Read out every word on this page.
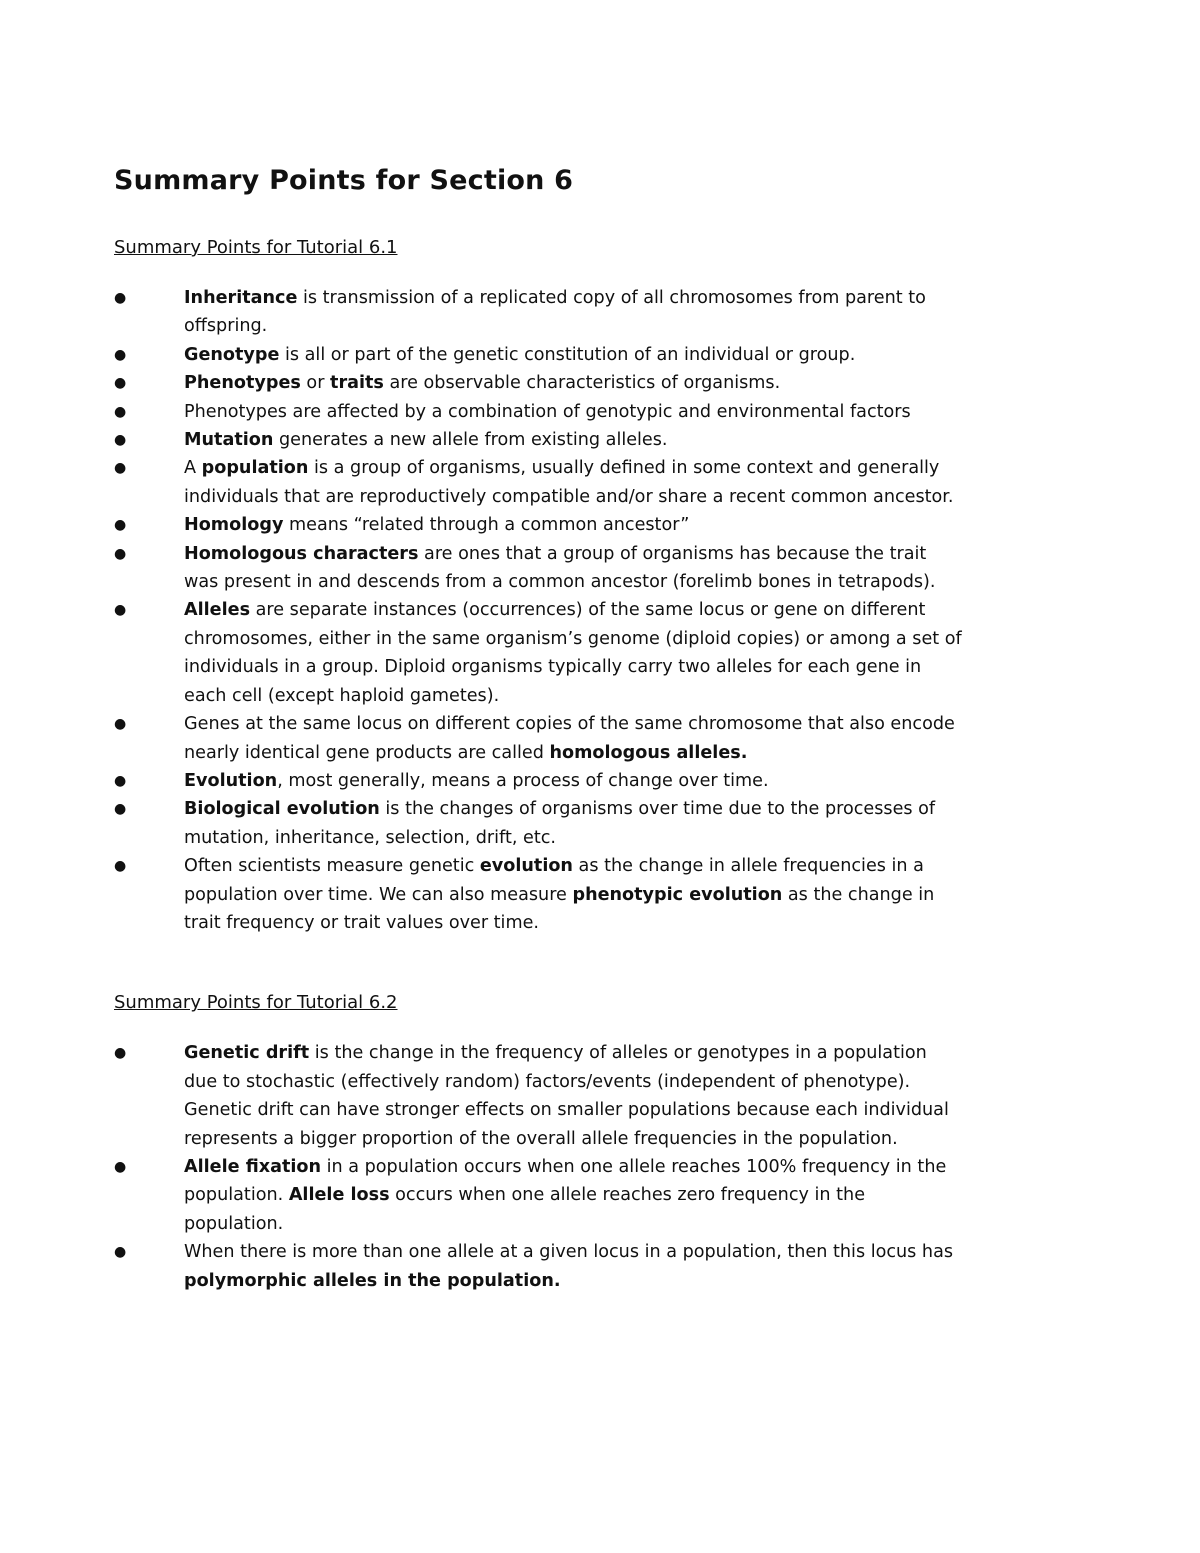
Summary Points for Section 6
Summary Points for Tutorial 6.1
●	Inheritance is transmission of a replicated copy of all chromosomes from parent to offspring.
●	Genotype is all or part of the genetic constitution of an individual or group.
●	Phenotypes or traits are observable characteristics of organisms.
●	Phenotypes are affected by a combination of genotypic and environmental factors
●	Mutation generates a new allele from existing alleles.
●	A population is a group of organisms, usually defined in some context and generally individuals that are reproductively compatible and/or share a recent common ancestor.
●	Homology means “related through a common ancestor”
●	Homologous characters are ones that a group of organisms has because the trait was present in and descends from a common ancestor (forelimb bones in tetrapods).
●	Alleles are separate instances (occurrences) of the same locus or gene on different chromosomes, either in the same organism’s genome (diploid copies) or among a set of individuals in a group. Diploid organisms typically carry two alleles for each gene in each cell (except haploid gametes).
●	Genes at the same locus on different copies of the same chromosome that also encode nearly identical gene products are called homologous alleles.
●	Evolution, most generally, means a process of change over time.
●	Biological evolution is the changes of organisms over time due to the processes of mutation, inheritance, selection, drift, etc.
●	Often scientists measure genetic evolution as the change in allele frequencies in a population over time. We can also measure phenotypic evolution as the change in trait frequency or trait values over time.
Summary Points for Tutorial 6.2
●	Genetic drift is the change in the frequency of alleles or genotypes in a population due to stochastic (effectively random) factors/events (independent of phenotype). Genetic drift can have stronger effects on smaller populations because each individual represents a bigger proportion of the overall allele frequencies in the population.
●	Allele fixation in a population occurs when one allele reaches 100% frequency in the population. Allele loss occurs when one allele reaches zero frequency in the population.
●	When there is more than one allele at a given locus in a population, then this locus has polymorphic alleles in the population.
